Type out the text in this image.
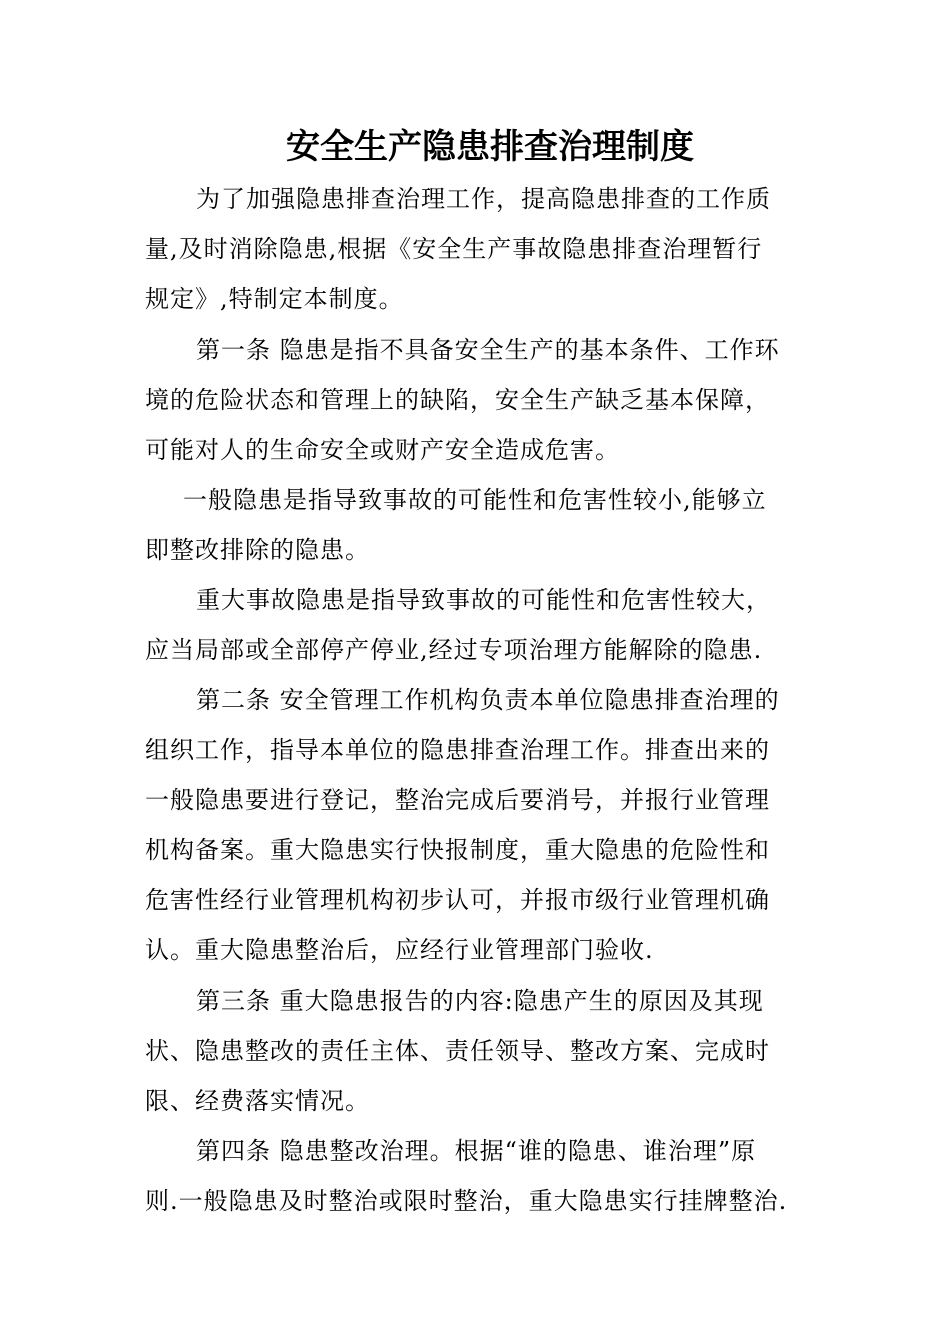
安全生产隐患排查治理制度
为了加强隐患排查治理工作，提高隐患排查的工作质
量,及时消除隐患,根据《安全生产事故隐患排查治理暂行
规定》,特制定本制度。
第一条 隐患是指不具备安全生产的基本条件、工作环
境的危险状态和管理上的缺陷，安全生产缺乏基本保障，
可能对人的生命安全或财产安全造成危害。
一般隐患是指导致事故的可能性和危害性较小,能够立
即整改排除的隐患。
重大事故隐患是指导致事故的可能性和危害性较大，
应当局部或全部停产停业,经过专项治理方能解除的隐患.
第二条 安全管理工作机构负责本单位隐患排查治理的
组织工作，指导本单位的隐患排查治理工作。排查出来的
一般隐患要进行登记，整治完成后要消号，并报行业管理
机构备案。重大隐患实行快报制度，重大隐患的危险性和
危害性经行业管理机构初步认可，并报市级行业管理机确
认。重大隐患整治后，应经行业管理部门验收.
第三条 重大隐患报告的内容:隐患产生的原因及其现
状、隐患整改的责任主体、责任领导、整改方案、完成时
限、经费落实情况。
第四条 隐患整改治理。根据“谁的隐患、谁治理”原
则.一般隐患及时整治或限时整治，重大隐患实行挂牌整治.
